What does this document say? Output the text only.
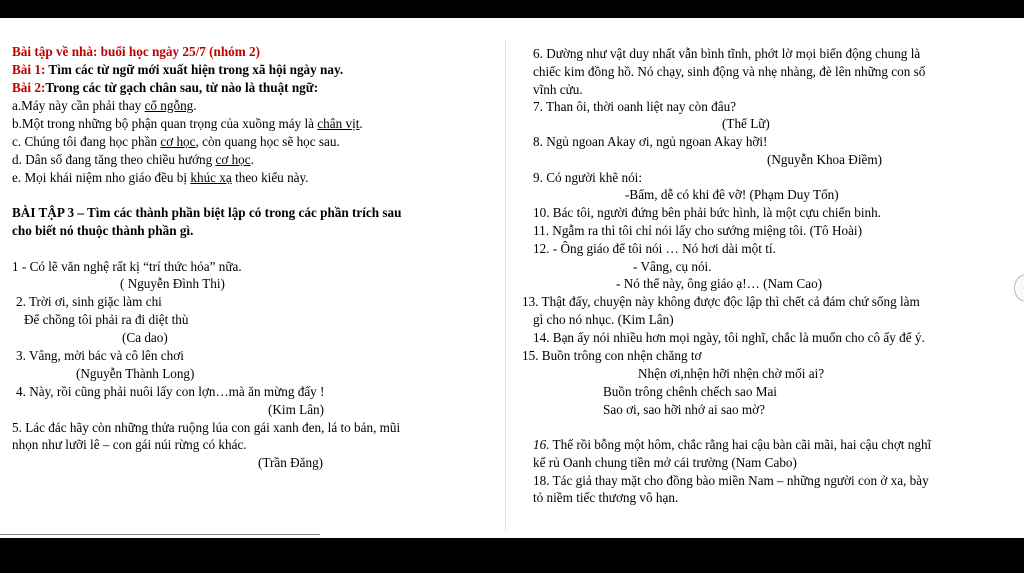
Bài tập về nhà: buổi học ngày 25/7 (nhóm 2)
Bài 1: Tìm các từ ngữ mới xuất hiện trong xã hội ngày nay.
Bài 2:Trong các từ gạch chân sau, từ nào là thuật ngữ:
a.Máy này cần phải thay cổ ngỗng.
b.Một trong những bộ phận quan trọng của xuồng máy là chân vịt.
c. Chúng tôi đang học phần cơ học, còn quang học sẽ học sau.
d. Dân số đang tăng theo chiều hướng cơ học.
e. Mọi khái niệm nho giáo đều bị khúc xạ theo kiểu này.
BÀI TẬP 3 – Tìm các thành phần biệt lập có trong các phần trích sau
cho biết nó thuộc thành phần gì.
1 - Có lẽ văn nghệ rất kị “trí thức hóa” nữa.
( Nguyễn Đình Thi)
2. Trời ơi, sinh giặc làm chi
Để chồng tôi phải ra đi diệt thù
(Ca dao)
3. Vâng, mời bác và cô lên chơi
(Nguyễn Thành Long)
4. Này, rồi cũng phải nuôi lấy con lợn…mà ăn mừng đấy !
(Kim Lân)
5. Lác đác hãy còn những thửa ruộng lúa con gái xanh đen, lá to bản, mũi
nhọn như lưỡi lê – con gái núi rừng có khác.
(Trần Đăng)
6. Dường như vật duy nhất vẫn bình tĩnh, phớt lờ mọi biến động chung là
chiếc kim đồng hồ. Nó chạy, sinh động và nhẹ nhàng, đè lên những con số
vĩnh cửu.
7. Than ôi, thời oanh liệt nay còn đâu?
(Thế Lữ)
8. Ngủ ngoan Akay ơi, ngủ ngoan Akay hỡi!
(Nguyễn Khoa Điềm)
9. Có người khẽ nói:
-Bẩm, dễ có khi đê vỡ! (Phạm Duy Tốn)
10. Bác tôi, người đứng bên phải bức hình, là một cựu chiến binh.
11. Ngẫm ra thì tôi chỉ nói lấy cho sướng miệng tôi. (Tô Hoài)
12. - Ông giáo để tôi nói … Nó hơi dài một tí.
- Vâng, cụ nói.
- Nó thế này, ông giáo ạ!… (Nam Cao)
13. Thật đấy, chuyện này không được độc lập thì chết cả đám chứ sống làm
gì cho nó nhục. (Kim Lân)
14. Bạn ấy nói nhiều hơn mọi ngày, tôi nghĩ, chắc là muốn cho cô ấy để ý.
15. Buồn trông con nhện chăng tơ
Nhện ơi,nhện hỡi nhện chờ mối ai?
Buồn trông chênh chếch sao Mai
Sao ơi, sao hỡi nhớ ai sao mờ?
16. Thế rồi bỗng một hôm, chắc rằng hai cậu bàn cãi mãi, hai cậu chợt nghĩ
kế rủ Oanh chung tiền mở cái trường (Nam Cabo)
18. Tác giả thay mặt cho đồng bào miền Nam – những người con ở xa, bày
tỏ niềm tiếc thương vô hạn.
